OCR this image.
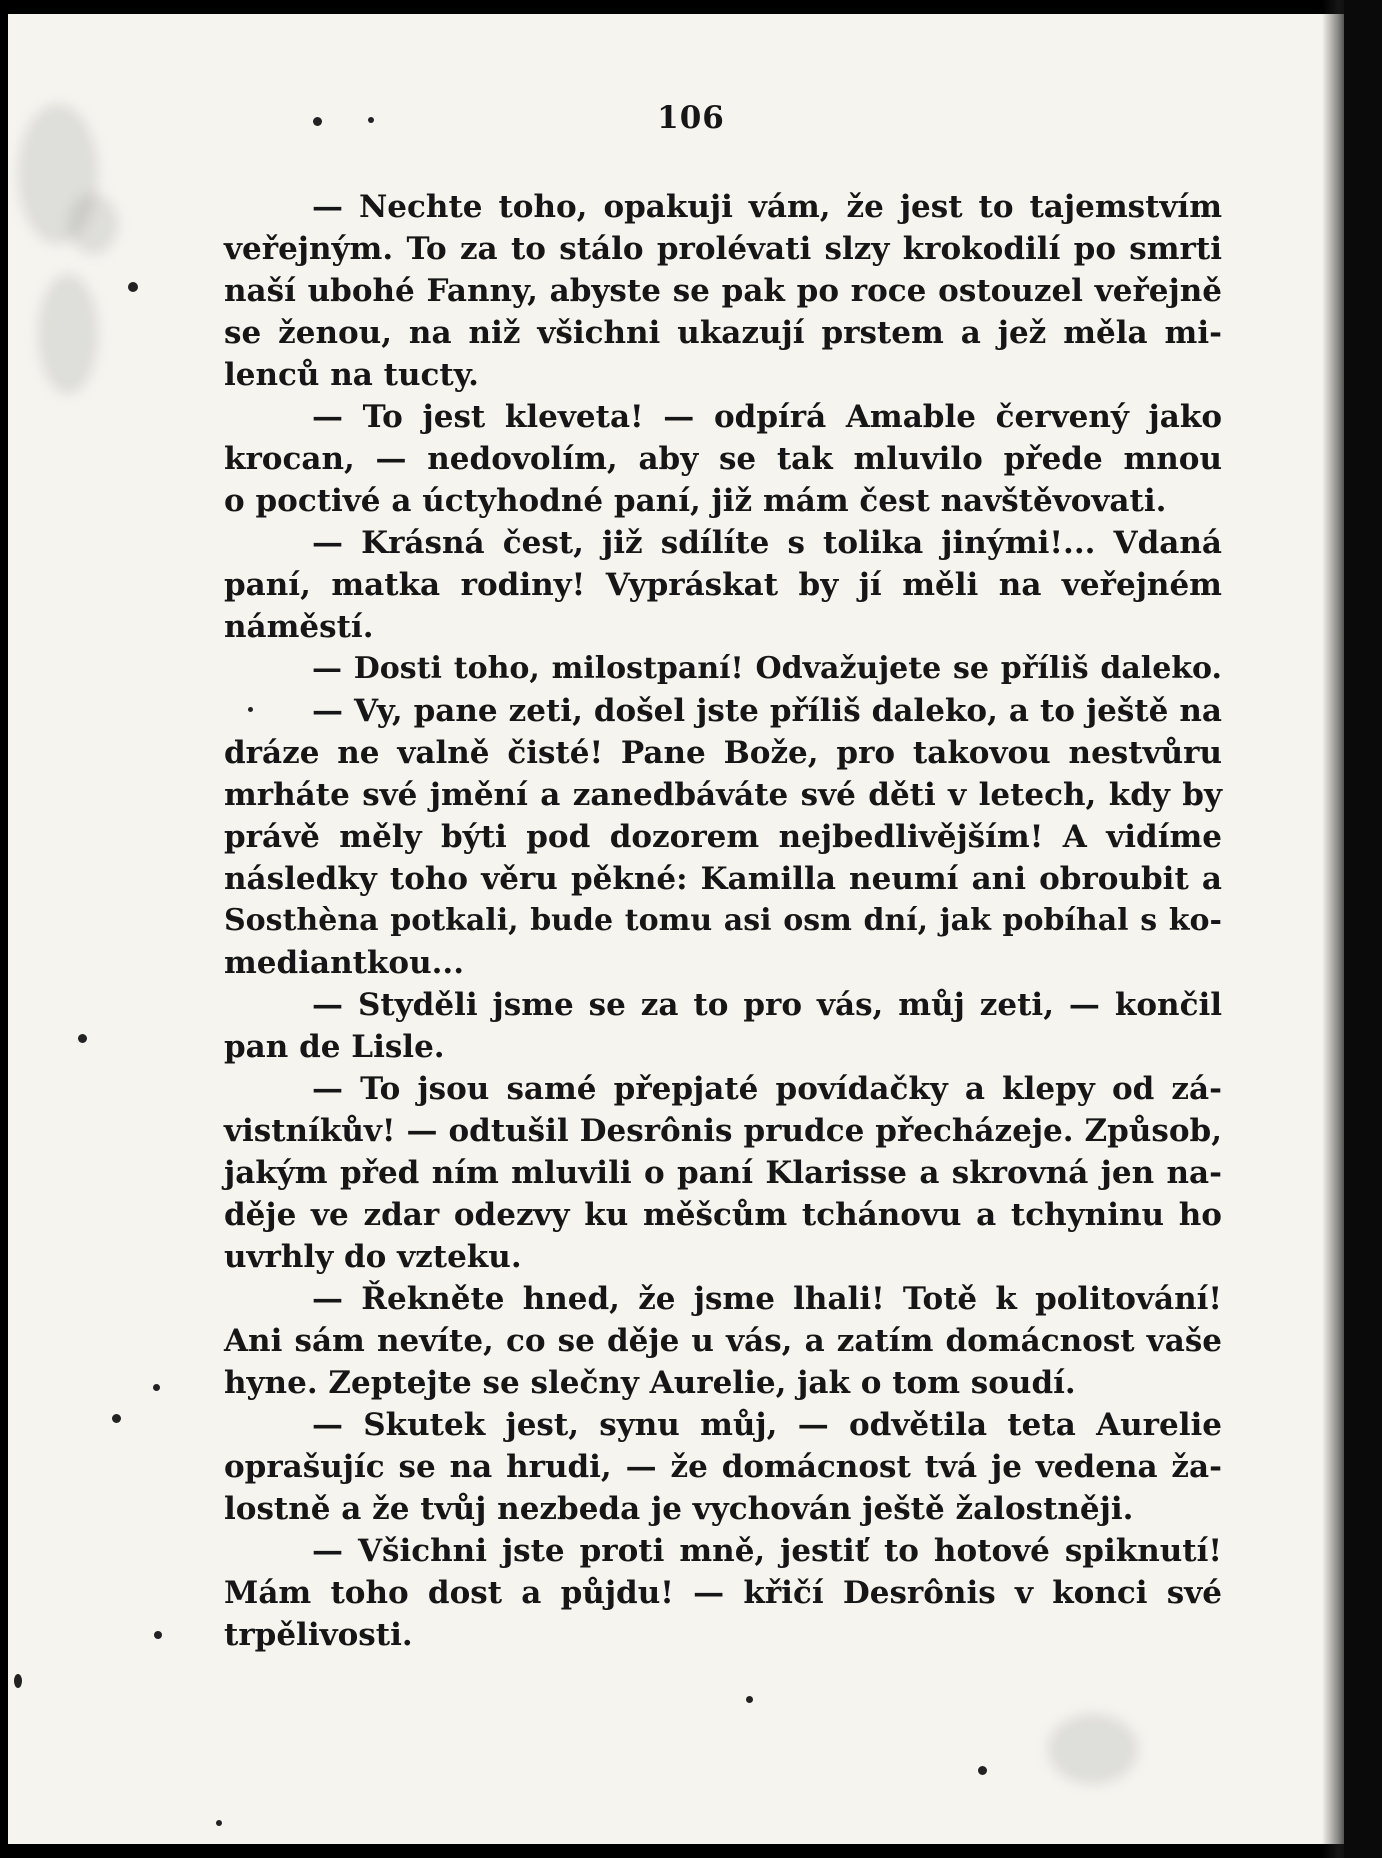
106
— Nechte toho, opakuji vám, že jest to tajemstvím
veřejným. To za to stálo prolévati slzy krokodilí po smrti
naší ubohé Fanny, abyste se pak po roce ostouzel veřejně
se ženou, na niž všichni ukazují prstem a jež měla mi-
lenců na tucty.
— To jest kleveta! — odpírá Amable červený jako
krocan, — nedovolím, aby se tak mluvilo přede mnou
o poctivé a úctyhodné paní, již mám čest navštěvovati.
— Krásná čest, již sdílíte s tolika jinými!... Vdaná
paní, matka rodiny! Vypráskat by jí měli na veřejném
náměstí.
— Dosti toho, milostpaní! Odvažujete se příliš daleko.
— Vy, pane zeti, došel jste příliš daleko, a to ještě na
dráze ne valně čisté! Pane Bože, pro takovou nestvůru
mrháte své jmění a zanedbáváte své děti v letech, kdy by
právě měly býti pod dozorem nejbedlivějším! A vidíme
následky toho věru pěkné: Kamilla neumí ani obroubit a
Sosthèna potkali, bude tomu asi osm dní, jak pobíhal s ko-
mediantkou...
— Styděli jsme se za to pro vás, můj zeti, — končil
pan de Lisle.
— To jsou samé přepjaté povídačky a klepy od zá-
vistníkův! — odtušil Desrônis prudce přecházeje. Způsob,
jakým před ním mluvili o paní Klarisse a skrovná jen na-
děje ve zdar odezvy ku měšcům tchánovu a tchyninu ho
uvrhly do vzteku.
— Řekněte hned, že jsme lhali! Totě k politování!
Ani sám nevíte, co se děje u vás, a zatím domácnost vaše
hyne. Zeptejte se slečny Aurelie, jak o tom soudí.
— Skutek jest, synu můj, — odvětila teta Aurelie
oprašujíc se na hrudi, — že domácnost tvá je vedena ža-
lostně a že tvůj nezbeda je vychován ještě žalostněji.
— Všichni jste proti mně, jestiť to hotové spiknutí!
Mám toho dost a půjdu! — křičí Desrônis v konci své
trpělivosti.
